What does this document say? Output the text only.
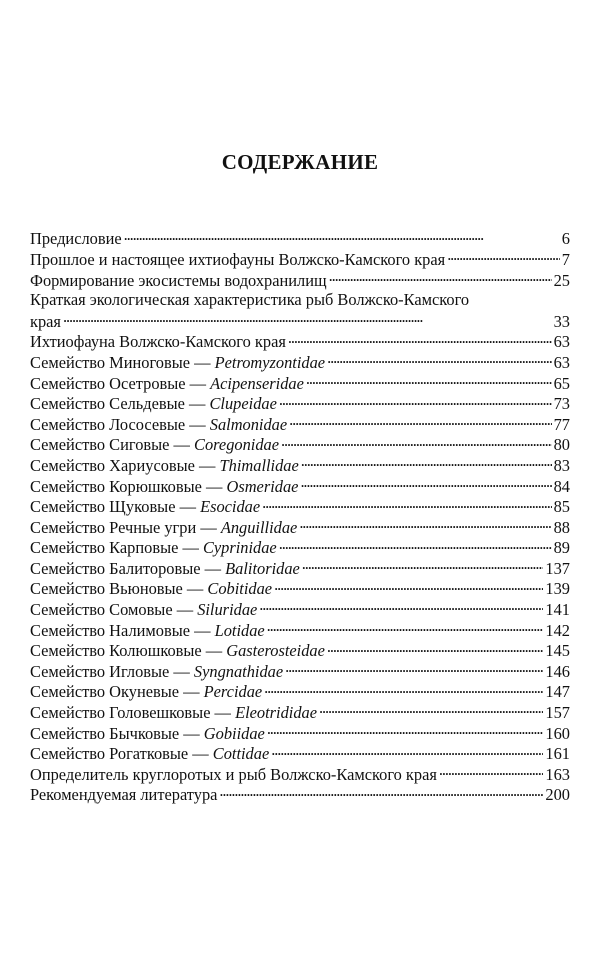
СОДЕРЖАНИЕ
Предисловие . . .	6
Прошлое и настоящее ихтиофауны Волжско-Камского края . . .	7
Формирование экосистемы водохранилищ . . .	25
Краткая экологическая характеристика рыб Волжско-Камского
края . . .	33
Ихтиофауна Волжско-Камского края . . .	63
Семейство Миноговые — Petromyzontidae . . .	63
Семейство Осетровые — Acipenseridae . . .	65
Семейство Сельдевые — Clupeidae . . .	73
Семейство Лососевые — Salmonidae . . .	77
Семейство Сиговые — Coregonidae . . .	80
Семейство Хариусовые — Thimallidae . . .	83
Семейство Корюшковые — Osmeridae . . .	84
Семейство Щуковые — Esocidae . . .	85
Семейство Речные угри — Anguillidae . . .	88
Семейство Карповые — Cyprinidae . . .	89
Семейство Балиторовые — Balitoridae . . .	137
Семейство Вьюновые — Cobitidae . . .	139
Семейство Сомовые — Siluridae . . .	141
Семейство Налимовые — Lotidae . . .	142
Семейство Колюшковые — Gasterosteidae . . .	145
Семейство Игловые — Syngnathidae . . .	146
Семейство Окуневые — Percidae . . .	147
Семейство Головешковые — Eleotrididae . . .	157
Семейство Бычковые — Gobiidae . . .	160
Семейство Рогатковые — Cottidae . . .	161
Определитель круглоротых и рыб Волжско-Камского края . . .	163
Рекомендуемая литература . . .	200
